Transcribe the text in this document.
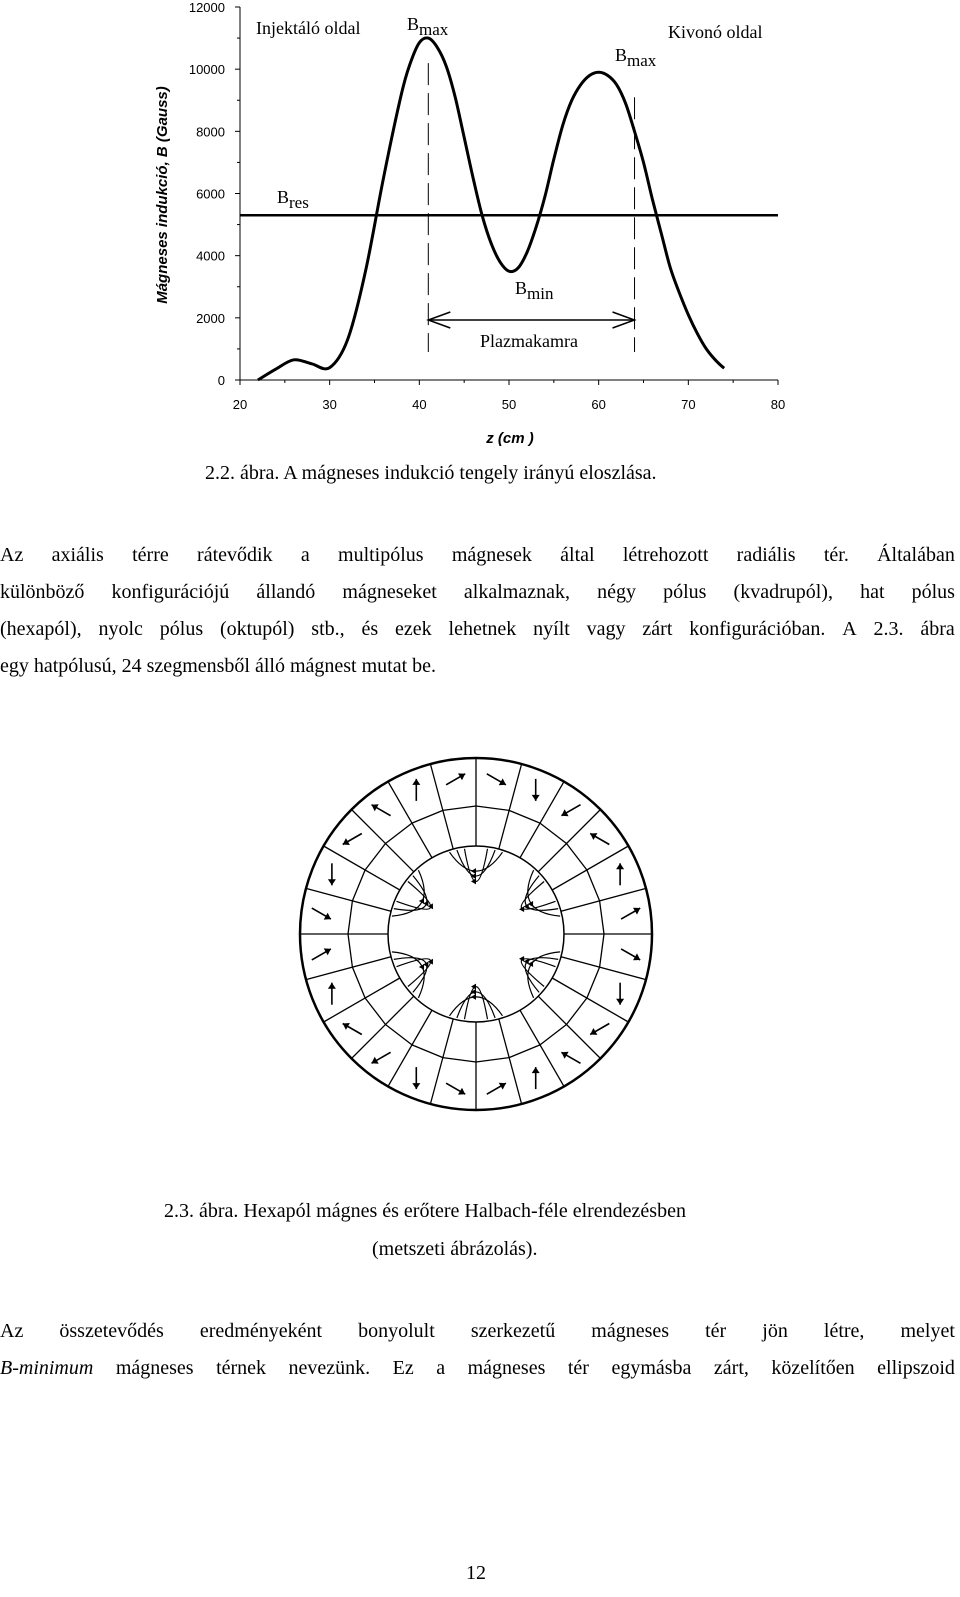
z (cm )
Mágneses indukció, B (Gauss)
0
2000
4000
6000
8000
10000
12000
20	30	40	50	60	70	80
Injektáló oldal	Kivonó oldal
Bmax
Bmax
Bres
Bmin
Plazmakamra
2.2. ábra. A mágneses indukció tengely irányú eloszlása.
Az axiális térre rátevődik a multipólus mágnesek által létrehozott radiális tér. Általában
különböző konfigurációjú állandó mágneseket alkalmaznak, négy pólus (kvadrupól), hat pólus
(hexapól), nyolc pólus (oktupól) stb., és ezek lehetnek nyílt vagy zárt konfigurációban. A 2.3. ábra
egy hatpólusú, 24 szegmensből álló mágnest mutat be.
2.3. ábra. Hexapól mágnes és erőtere Halbach-féle elrendezésben
(metszeti ábrázolás).
Az összetevődés eredményeként bonyolult szerkezetű mágneses tér jön létre, melyet
B-minimum mágneses térnek nevezünk. Ez a mágneses tér egymásba zárt, közelítően ellipszoid
12
